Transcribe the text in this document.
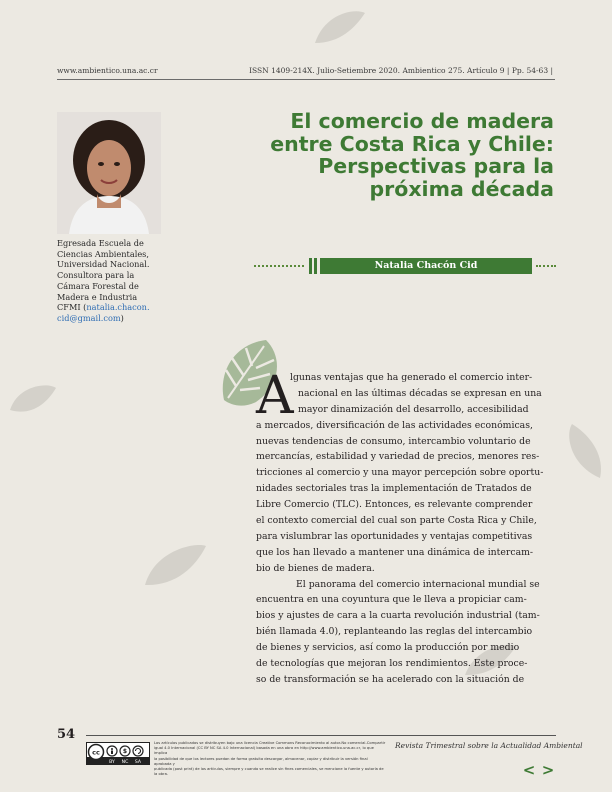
www.ambientico.una.ac.cr	ISSN 1409-214X. Julio-Setiembre 2020. Ambientico 275. Artículo 9 | Pp. 54-63 |
Egresada Escuela de
Ciencias Ambientales,
Universidad Nacional.
Consultora para la
Cámara Forestal de
Madera e Industria
CFMI (natalia.chacon.
cid@gmail.com)
El comercio de madera
entre Costa Rica y Chile:
Perspectivas para la
próxima década
Natalia Chacón Cid
A
lgunas ventajas que ha generado el comercio inter-
nacional en las últimas décadas se expresan en una
mayor dinamización del desarrollo, accesibilidad
a mercados, diversificación de las actividades económicas,
nuevas tendencias de consumo, intercambio voluntario de
mercancías, estabilidad y variedad de precios, menores res-
tricciones al comercio y una mayor percepción sobre oportu-
nidades sectoriales tras la implementación de Tratados de
Libre Comercio (TLC). Entonces, es relevante comprender
el contexto comercial del cual son parte Costa Rica y Chile,
para vislumbrar las oportunidades y ventajas competitivas
que los han llevado a mantener una dinámica de intercam-
bio de bienes de madera.
El panorama del comercio internacional mundial se
encuentra en una coyuntura que le lleva a propiciar cam-
bios y ajustes de cara a la cuarta revolución industrial (tam-
bién llamada 4.0), replanteando las reglas del intercambio
de bienes y servicios, así como la producción por medio
de tecnologías que mejoran los rendimientos. Este proce-
so de transformación se ha acelerado con la situación de
54
cc	$
BY NC SA
Los artículos publicados se distribuyen bajo una licencia Creative Commons Reconocimiento al autor-No comercial-Compartir
igual 4.0 Internacional (CC BY NC SA 4.0 Internacional) basada en una obra en http://www.ambientico.una.ac.cr, lo que implica
la posibilidad de que los lectores puedan de forma gratuita descargar, almacenar, copiar y distribuir la versión final aprobada y
publicada (post print) de los artículos, siempre y cuando se realice sin fines comerciales, se mencione la fuente y autoría de la obra.
Revista Trimestral sobre la Actualidad Ambiental
< >
